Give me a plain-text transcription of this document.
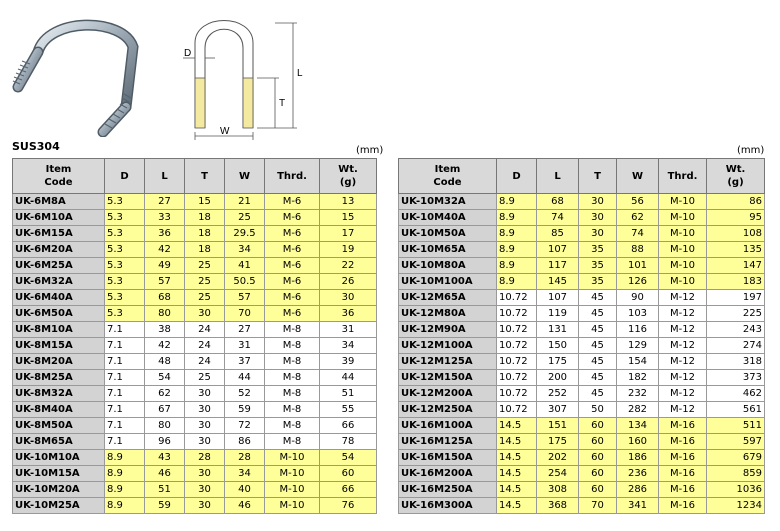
D
L
T
W
SUS304	(mm)	(mm)
Item
Code	D	L	T	W	Thrd.	Wt.
(g)
UK-6M8A	5.3	27	15	21	M-6	13
UK-6M10A	5.3	33	18	25	M-6	15
UK-6M15A	5.3	36	18	29.5	M-6	17
UK-6M20A	5.3	42	18	34	M-6	19
UK-6M25A	5.3	49	25	41	M-6	22
UK-6M32A	5.3	57	25	50.5	M-6	26
UK-6M40A	5.3	68	25	57	M-6	30
UK-6M50A	5.3	80	30	70	M-6	36
UK-8M10A	7.1	38	24	27	M-8	31
UK-8M15A	7.1	42	24	31	M-8	34
UK-8M20A	7.1	48	24	37	M-8	39
UK-8M25A	7.1	54	25	44	M-8	44
UK-8M32A	7.1	62	30	52	M-8	51
UK-8M40A	7.1	67	30	59	M-8	55
UK-8M50A	7.1	80	30	72	M-8	66
UK-8M65A	7.1	96	30	86	M-8	78
UK-10M10A	8.9	43	28	28	M-10	54
UK-10M15A	8.9	46	30	34	M-10	60
UK-10M20A	8.9	51	30	40	M-10	66
UK-10M25A	8.9	59	30	46	M-10	76
Item
Code	D	L	T	W	Thrd.	Wt.
(g)
UK-10M32A	8.9	68	30	56	M-10	86
UK-10M40A	8.9	74	30	62	M-10	95
UK-10M50A	8.9	85	30	74	M-10	108
UK-10M65A	8.9	107	35	88	M-10	135
UK-10M80A	8.9	117	35	101	M-10	147
UK-10M100A	8.9	145	35	126	M-10	183
UK-12M65A	10.72	107	45	90	M-12	197
UK-12M80A	10.72	119	45	103	M-12	225
UK-12M90A	10.72	131	45	116	M-12	243
UK-12M100A	10.72	150	45	129	M-12	274
UK-12M125A	10.72	175	45	154	M-12	318
UK-12M150A	10.72	200	45	182	M-12	373
UK-12M200A	10.72	252	45	232	M-12	462
UK-12M250A	10.72	307	50	282	M-12	561
UK-16M100A	14.5	151	60	134	M-16	511
UK-16M125A	14.5	175	60	160	M-16	597
UK-16M150A	14.5	202	60	186	M-16	679
UK-16M200A	14.5	254	60	236	M-16	859
UK-16M250A	14.5	308	60	286	M-16	1036
UK-16M300A	14.5	368	70	341	M-16	1234
